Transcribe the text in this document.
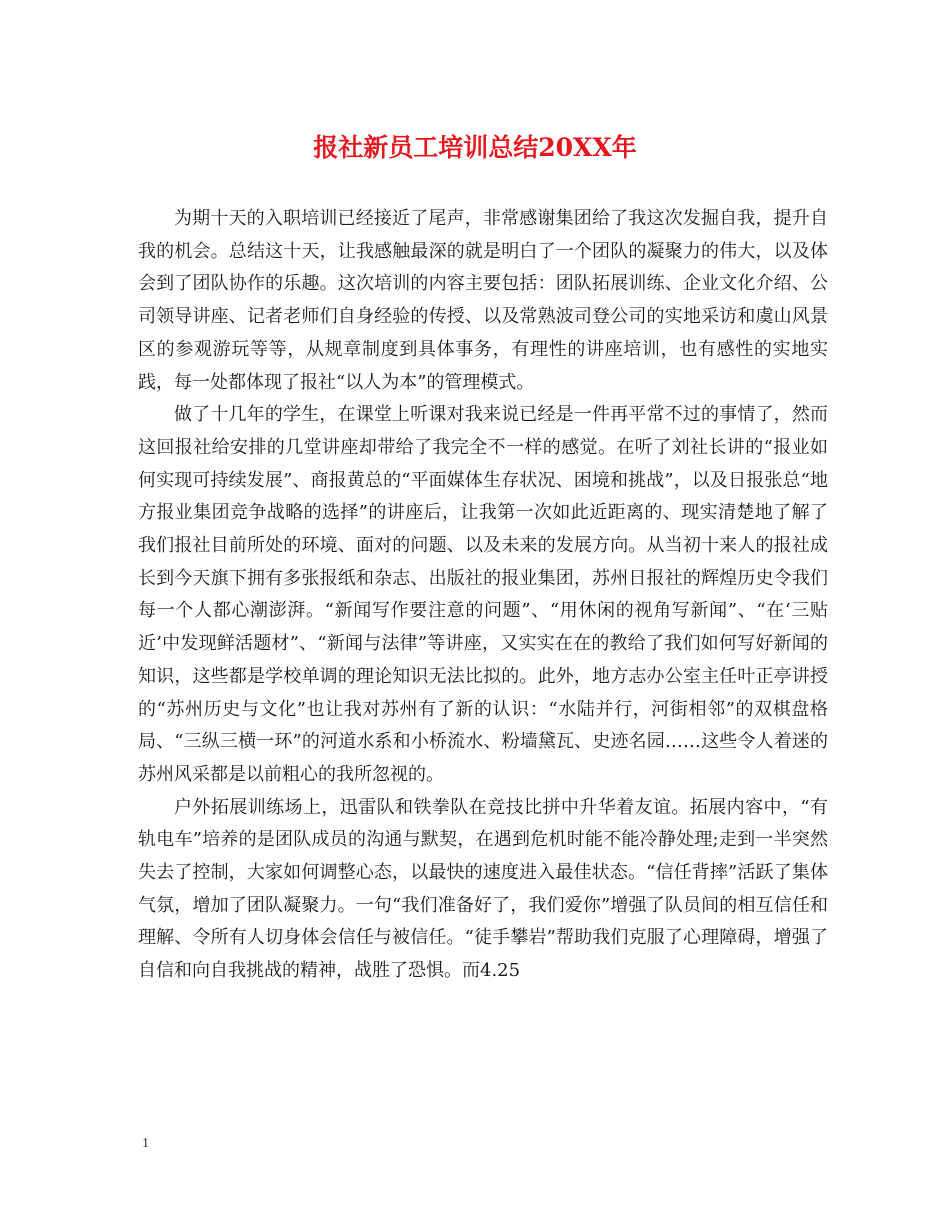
报社新员工培训总结20XX年

为期十天的入职培训已经接近了尾声，非常感谢集团给了我这次发掘自我，提升自我的机会。总结这十天，让我感触最深的就是明白了一个团队的凝聚力的伟大，以及体会到了团队协作的乐趣。这次培训的内容主要包括：团队拓展训练、企业文化介绍、公司领导讲座、记者老师们自身经验的传授、以及常熟波司登公司的实地采访和虞山风景区的参观游玩等等，从规章制度到具体事务，有理性的讲座培训，也有感性的实地实践，每一处都体现了报社“以人为本”的管理模式。

做了十几年的学生，在课堂上听课对我来说已经是一件再平常不过的事情了，然而这回报社给安排的几堂讲座却带给了我完全不一样的感觉。在听了刘社长讲的“报业如何实现可持续发展”、商报黄总的“平面媒体生存状况、困境和挑战”，以及日报张总“地方报业集团竞争战略的选择”的讲座后，让我第一次如此近距离的、现实清楚地了解了我们报社目前所处的环境、面对的问题、以及未来的发展方向。从当初十来人的报社成长到今天旗下拥有多张报纸和杂志、出版社的报业集团，苏州日报社的辉煌历史令我们每一个人都心潮澎湃。“新闻写作要注意的问题”、“用休闲的视角写新闻”、“在‘三贴近’中发现鲜活题材”、“新闻与法律”等讲座，又实实在在的教给了我们如何写好新闻的知识，这些都是学校单调的理论知识无法比拟的。此外，地方志办公室主任叶正亭讲授的“苏州历史与文化”也让我对苏州有了新的认识：“水陆并行，河街相邻”的双棋盘格局、“三纵三横一环”的河道水系和小桥流水、粉墙黛瓦、史迹名园……这些令人着迷的苏州风采都是以前粗心的我所忽视的。

户外拓展训练场上，迅雷队和铁拳队在竞技比拼中升华着友谊。拓展内容中，“有轨电车”培养的是团队成员的沟通与默契，在遇到危机时能不能冷静处理;走到一半突然失去了控制，大家如何调整心态，以最快的速度进入最佳状态。“信任背摔”活跃了集体气氛，增加了团队凝聚力。一句“我们准备好了，我们爱你”增强了队员间的相互信任和理解、令所有人切身体会信任与被信任。“徒手攀岩”帮助我们克服了心理障碍，增强了自信和向自我挑战的精神，战胜了恐惧。而4.25

1
